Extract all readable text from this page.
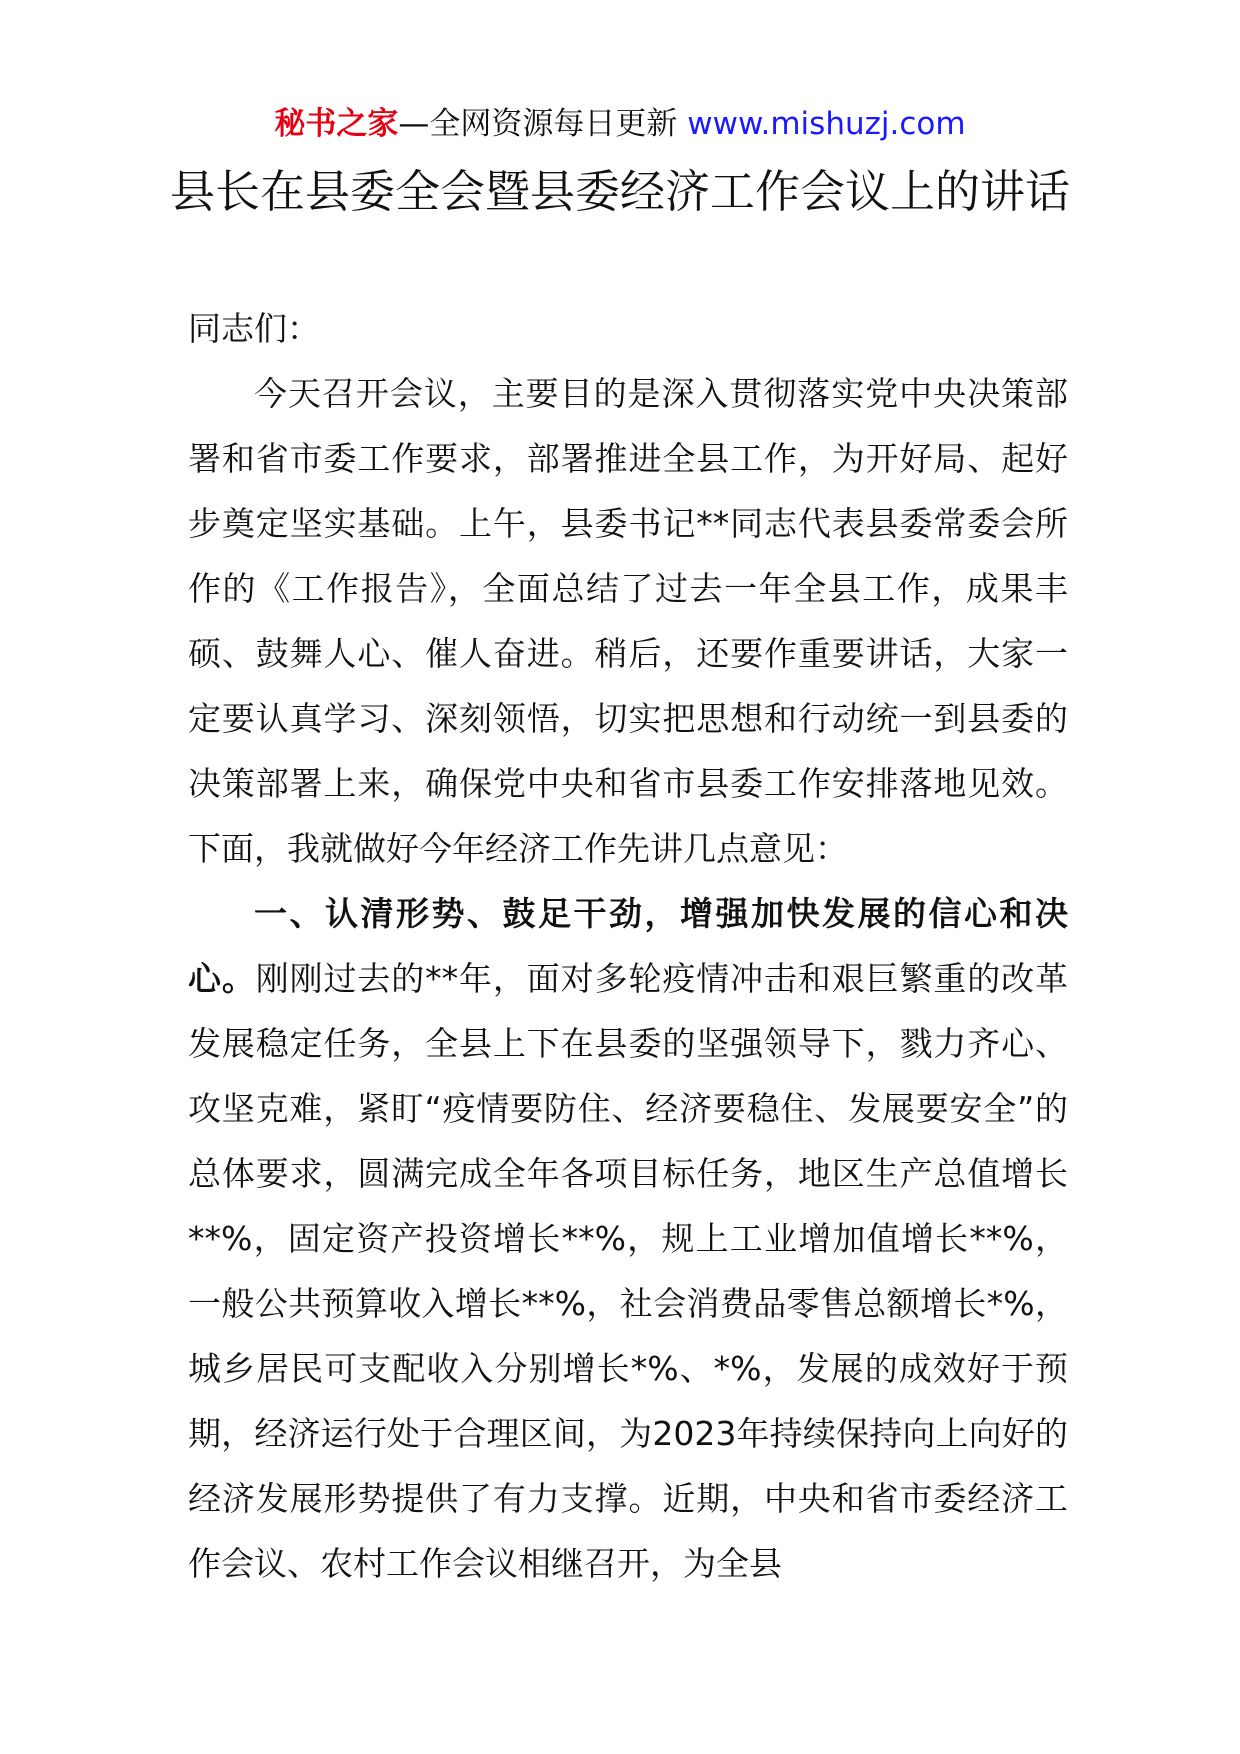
秘书之家—全网资源每日更新 www.mishuzj.com
县长在县委全会暨县委经济工作会议上的讲话

同志们：

今天召开会议，主要目的是深入贯彻落实党中央决策部署和省市委工作要求，部署推进全县工作，为开好局、起好步奠定坚实基础。上午，县委书记**同志代表县委常委会所作的《工作报告》，全面总结了过去一年全县工作，成果丰硕、鼓舞人心、催人奋进。稍后，还要作重要讲话，大家一定要认真学习、深刻领悟，切实把思想和行动统一到县委的决策部署上来，确保党中央和省市县委工作安排落地见效。下面，我就做好今年经济工作先讲几点意见：

一、认清形势、鼓足干劲，增强加快发展的信心和决心。刚刚过去的**年，面对多轮疫情冲击和艰巨繁重的改革发展稳定任务，全县上下在县委的坚强领导下，戮力齐心、攻坚克难，紧盯“疫情要防住、经济要稳住、发展要安全”的总体要求，圆满完成全年各项目标任务，地区生产总值增长**%，固定资产投资增长**%，规上工业增加值增长**%，一般公共预算收入增长**%，社会消费品零售总额增长*%，城乡居民可支配收入分别增长*%、*%，发展的成效好于预期，经济运行处于合理区间，为2023年持续保持向上向好的经济发展形势提供了有力支撑。近期，中央和省市委经济工作会议、农村工作会议相继召开，为全县
